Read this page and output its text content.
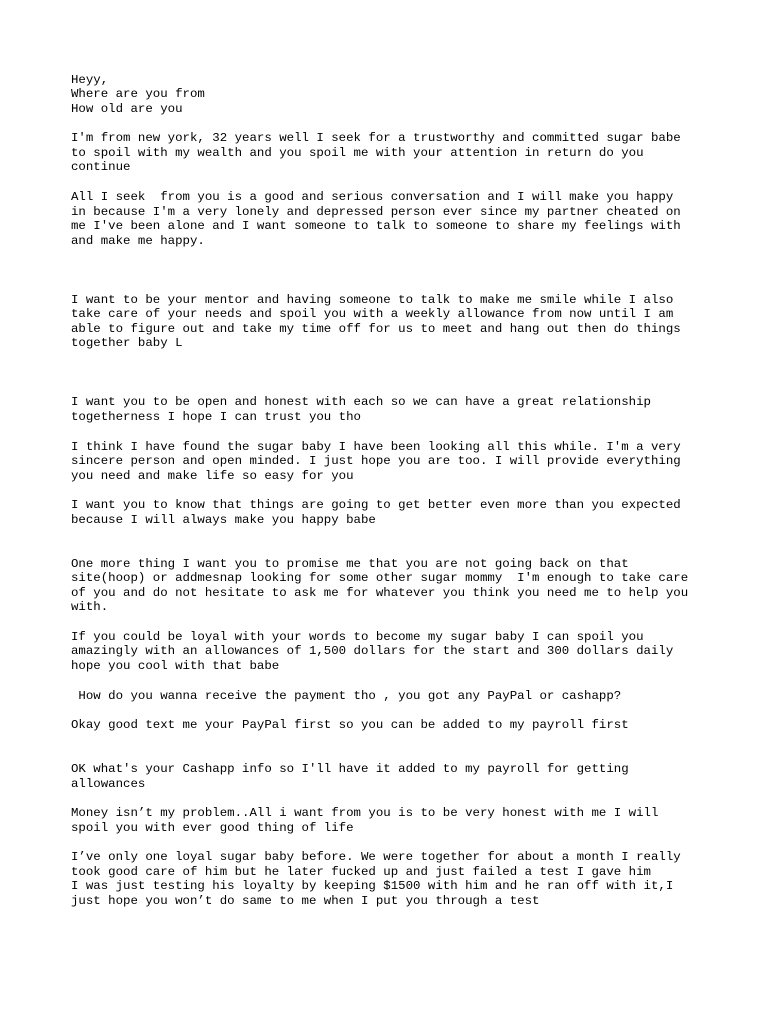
Heyy,

Where are you from

How old are you

I'm from new york, 32 years well I seek for a trustworthy and committed sugar babe

to spoil with my wealth and you spoil me with your attention in return do you

continue

All I seek  from you is a good and serious conversation and I will make you happy

in because I'm a very lonely and depressed person ever since my partner cheated on

me I've been alone and I want someone to talk to someone to share my feelings with

and make me happy.

I want to be your mentor and having someone to talk to make me smile while I also

take care of your needs and spoil you with a weekly allowance from now until I am

able to figure out and take my time off for us to meet and hang out then do things

together baby L

I want you to be open and honest with each so we can have a great relationship

togetherness I hope I can trust you tho

I think I have found the sugar baby I have been looking all this while. I'm a very

sincere person and open minded. I just hope you are too. I will provide everything

you need and make life so easy for you

I want you to know that things are going to get better even more than you expected

because I will always make you happy babe

One more thing I want you to promise me that you are not going back on that

site(hoop) or addmesnap looking for some other sugar mommy  I'm enough to take care

of you and do not hesitate to ask me for whatever you think you need me to help you

with.

If you could be loyal with your words to become my sugar baby I can spoil you

amazingly with an allowances of 1,500 dollars for the start and 300 dollars daily

hope you cool with that babe

How do you wanna receive the payment tho , you got any PayPal or cashapp?

Okay good text me your PayPal first so you can be added to my payroll first

OK what's your Cashapp info so I'll have it added to my payroll for getting

allowances

Money isn’t my problem..All i want from you is to be very honest with me I will

spoil you with ever good thing of life

I’ve only one loyal sugar baby before. We were together for about a month I really

took good care of him but he later fucked up and just failed a test I gave him

I was just testing his loyalty by keeping $1500 with him and he ran off with it,I

just hope you won’t do same to me when I put you through a test
